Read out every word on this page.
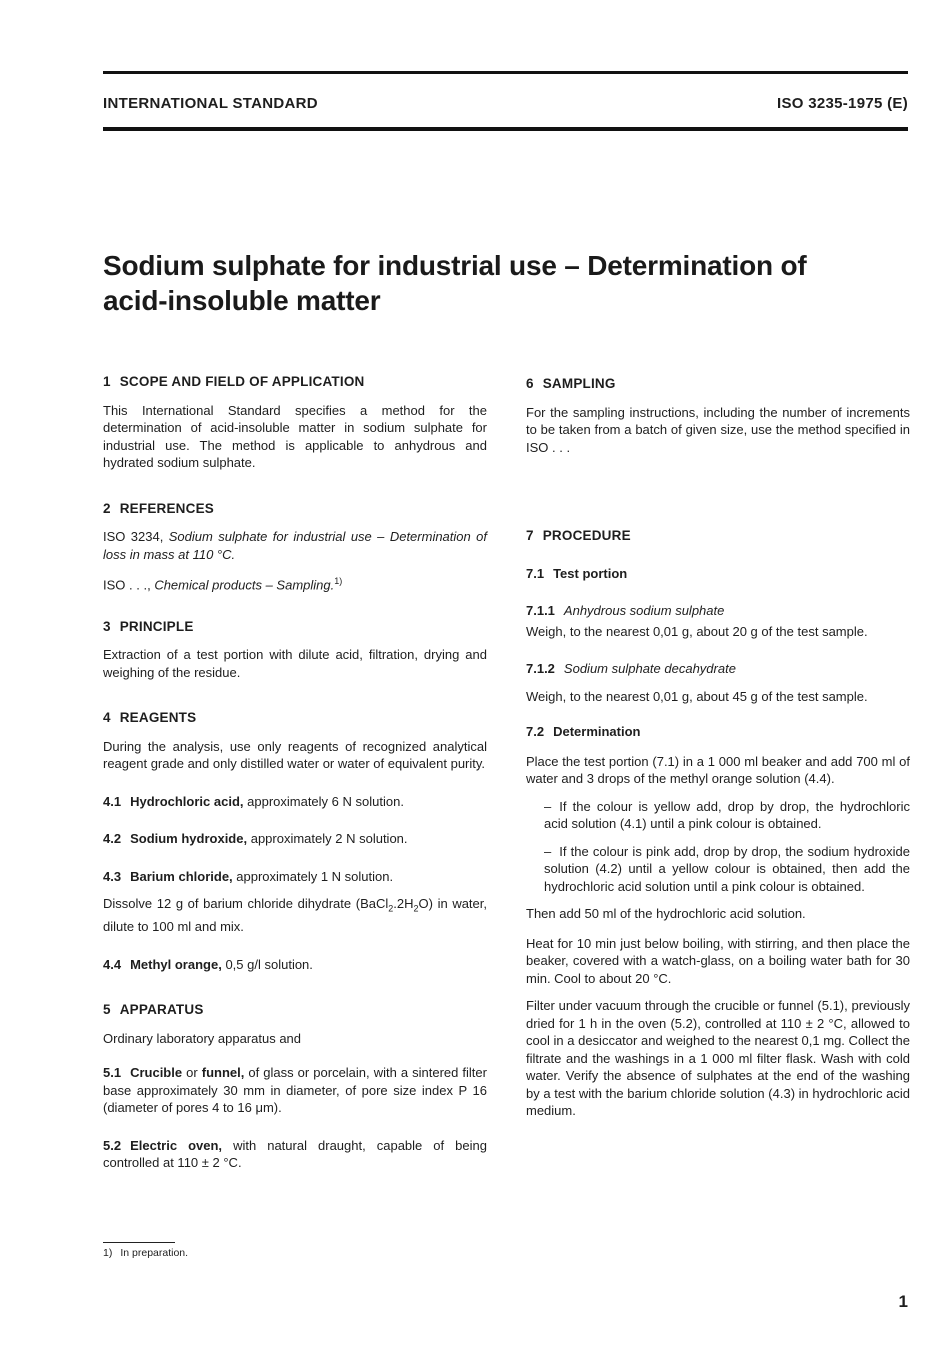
INTERNATIONAL STANDARD	ISO 3235-1975 (E)
Sodium sulphate for industrial use – Determination of
acid-insoluble matter
1 SCOPE AND FIELD OF APPLICATION

This International Standard specifies a method for the determination of acid-insoluble matter in sodium sulphate for industrial use. The method is applicable to anhydrous and hydrated sodium sulphate.

2 REFERENCES

ISO 3234, Sodium sulphate for industrial use – Determination of loss in mass at 110 °C.

ISO . . ., Chemical products – Sampling.$^{1)}$

3 PRINCIPLE

Extraction of a test portion with dilute acid, filtration, drying and weighing of the residue.

4 REAGENTS

During the analysis, use only reagents of recognized analytical reagent grade and only distilled water or water of equivalent purity.

4.1 Hydrochloric acid, approximately 6 N solution.

4.2 Sodium hydroxide, approximately 2 N solution.

4.3 Barium chloride, approximately 1 N solution.

Dissolve 12 g of barium chloride dihydrate $(BaCl_2.2H_2O)$ in water, dilute to 100 ml and mix.

4.4 Methyl orange, 0,5 g/l solution.

5 APPARATUS

Ordinary laboratory apparatus and

5.1 Crucible or funnel, of glass or porcelain, with a sintered filter base approximately 30 mm in diameter, of pore size index P 16 (diameter of pores 4 to 16 μm).

5.2 Electric oven, with natural draught, capable of being controlled at 110 ± 2 °C.

6 SAMPLING

For the sampling instructions, including the number of increments to be taken from a batch of given size, use the method specified in ISO . . .

7 PROCEDURE
7.1 Test portion
7.1.1 Anhydrous sodium sulphate

Weigh, to the nearest 0,01 g, about 20 g of the test sample.

7.1.2 Sodium sulphate decahydrate

Weigh, to the nearest 0,01 g, about 45 g of the test sample.

7.2 Determination

Place the test portion (7.1) in a 1 000 ml beaker and add 700 ml of water and 3 drops of the methyl orange solution (4.4).

– If the colour is yellow add, drop by drop, the hydrochloric acid solution (4.1) until a pink colour is obtained.

– If the colour is pink add, drop by drop, the sodium hydroxide solution (4.2) until a yellow colour is obtained, then add the hydrochloric acid solution until a pink colour is obtained.

Then add 50 ml of the hydrochloric acid solution.

Heat for 10 min just below boiling, with stirring, and then place the beaker, covered with a watch-glass, on a boiling water bath for 30 min. Cool to about 20 °C.

Filter under vacuum through the crucible or funnel (5.1), previously dried for 1 h in the oven (5.2), controlled at 110 ± 2 °C, allowed to cool in a desiccator and weighed to the nearest 0,1 mg. Collect the filtrate and the washings in a 1 000 ml filter flask. Wash with cold water. Verify the absence of sulphates at the end of the washing by a test with the barium chloride solution (4.3) in hydrochloric acid medium.

1) In preparation.
1
